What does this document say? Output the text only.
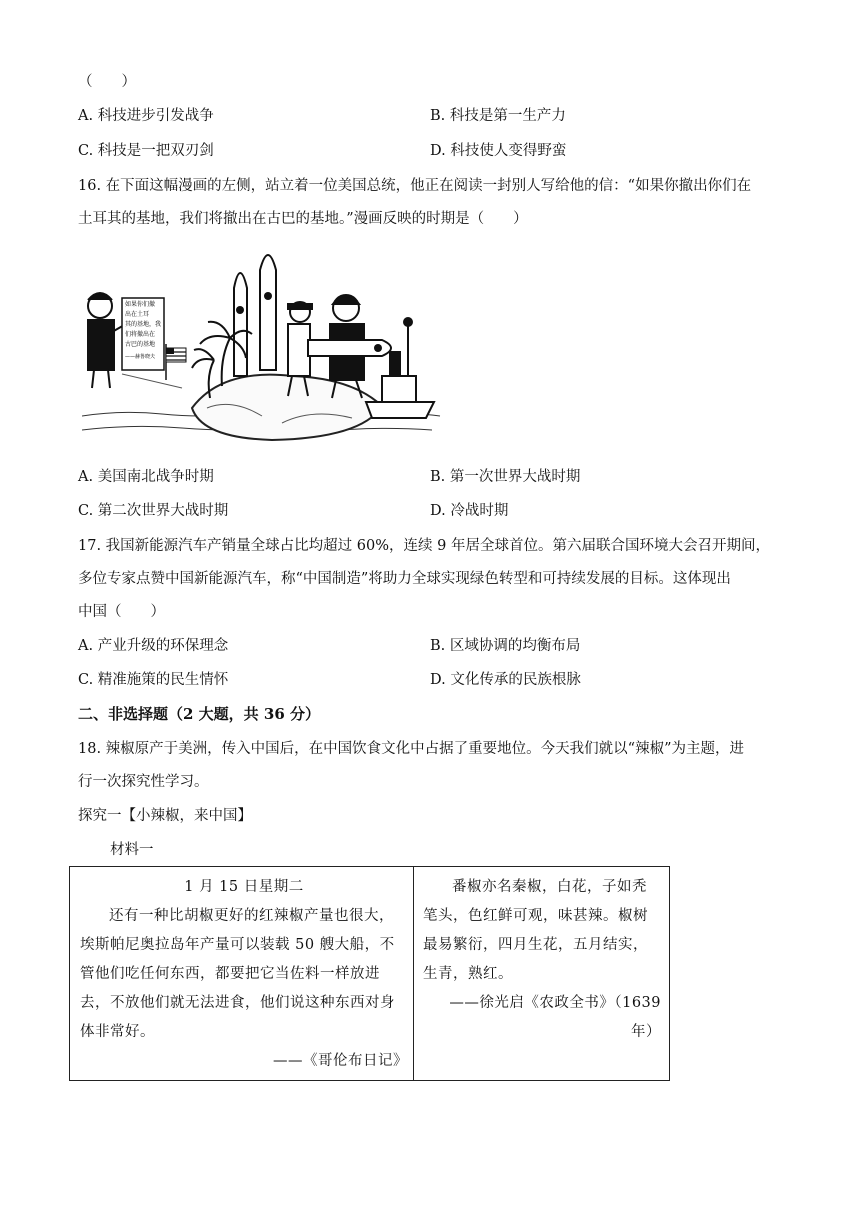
（　　）
A. 科技进步引发战争	B. 科技是第一生产力
C. 科技是一把双刃剑	D. 科技使人变得野蛮
16. 在下面这幅漫画的左侧，站立着一位美国总统，他正在阅读一封别人写给他的信：“如果你撤出你们在
土耳其的基地，我们将撤出在古巴的基地。”漫画反映的时期是（　　）
如果你们撤
出在土耳
其的基地，我
们将撤出在
古巴的基地
——赫鲁晓夫
A. 美国南北战争时期	B. 第一次世界大战时期
C. 第二次世界大战时期	D. 冷战时期
17. 我国新能源汽车产销量全球占比均超过 60%，连续 9 年居全球首位。第六届联合国环境大会召开期间，
多位专家点赞中国新能源汽车，称“中国制造”将助力全球实现绿色转型和可持续发展的目标。这体现出
中国（　　）
A. 产业升级的环保理念	B. 区域协调的均衡布局
C. 精准施策的民生情怀	D. 文化传承的民族根脉
二、非选择题（2 大题，共 36 分）
18. 辣椒原产于美洲，传入中国后，在中国饮食文化中占据了重要地位。今天我们就以“辣椒”为主题，进
行一次探究性学习。
探究一【小辣椒，来中国】
材料一
1 月 15 日星期二
还有一种比胡椒更好的红辣椒产量也很大，埃斯帕尼奥拉岛年产量可以装载 50 艘大船，不管他们吃任何东西，都要把它当佐料一样放进去，不放他们就无法进食，他们说这种东西对身体非常好。
——《哥伦布日记》
番椒亦名秦椒，白花，子如秃笔头，色红鲜可观，味甚辣。椒树最易繁衍，四月生花，五月结实，生青，熟红。
——徐光启《农政全书》（1639 年）
